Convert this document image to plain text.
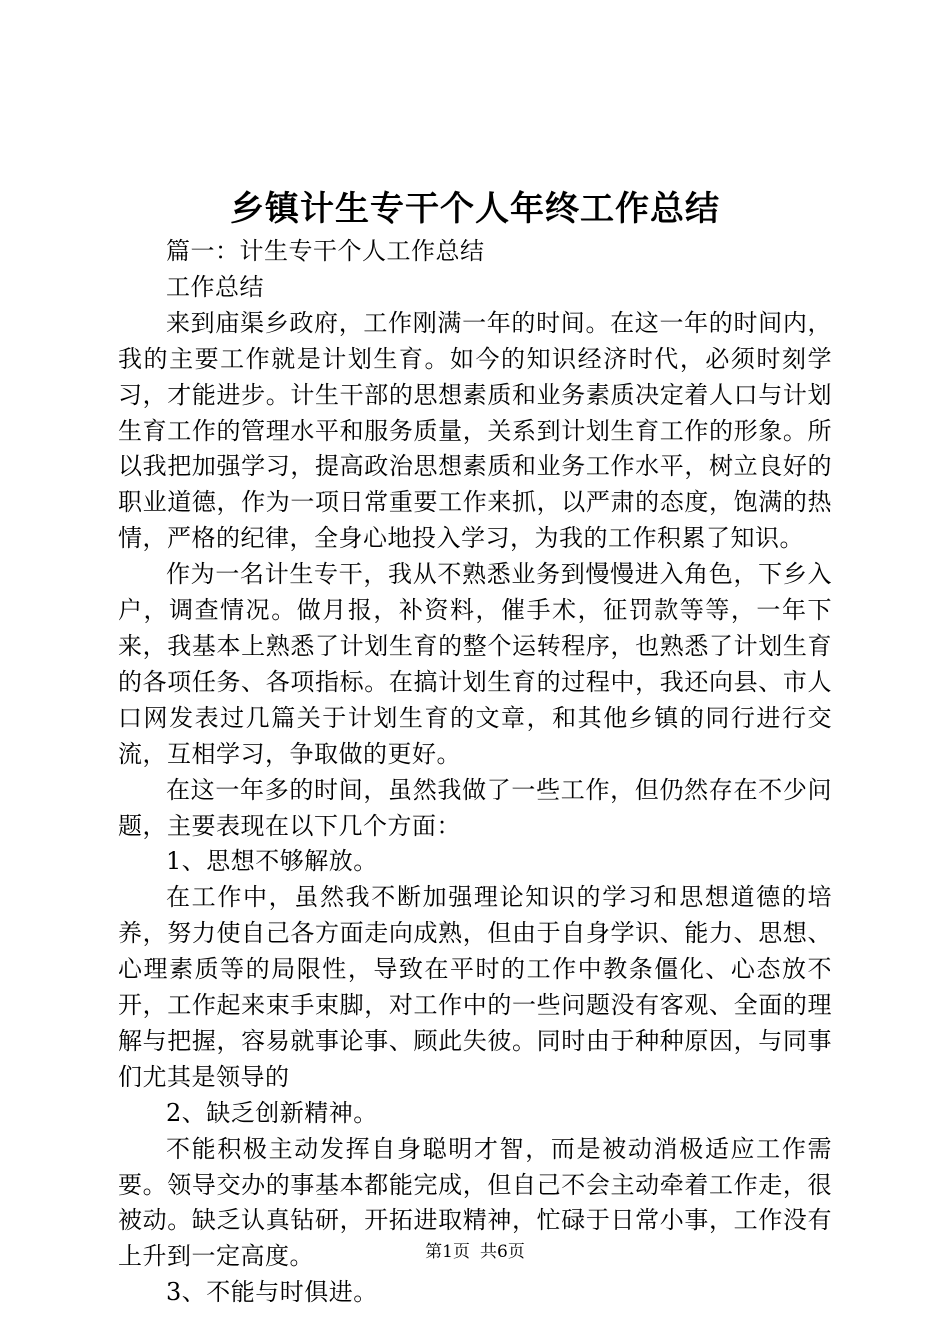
乡镇计生专干个人年终工作总结

篇一：计生专干个人工作总结

工作总结

来到庙渠乡政府，工作刚满一年的时间。在这一年的时间内，我的主要工作就是计划生育。如今的知识经济时代，必须时刻学习，才能进步。计生干部的思想素质和业务素质决定着人口与计划生育工作的管理水平和服务质量，关系到计划生育工作的形象。所以我把加强学习，提高政治思想素质和业务工作水平，树立良好的职业道德，作为一项日常重要工作来抓，以严肃的态度，饱满的热情，严格的纪律，全身心地投入学习，为我的工作积累了知识。

作为一名计生专干，我从不熟悉业务到慢慢进入角色，下乡入户，调查情况。做月报，补资料，催手术，征罚款等等，一年下来，我基本上熟悉了计划生育的整个运转程序，也熟悉了计划生育的各项任务、各项指标。在搞计划生育的过程中，我还向县、市人口网发表过几篇关于计划生育的文章，和其他乡镇的同行进行交流，互相学习，争取做的更好。

在这一年多的时间，虽然我做了一些工作，但仍然存在不少问题，主要表现在以下几个方面：

1、思想不够解放。

在工作中，虽然我不断加强理论知识的学习和思想道德的培养，努力使自己各方面走向成熟，但由于自身学识、能力、思想、心理素质等的局限性，导致在平时的工作中教条僵化、心态放不开，工作起来束手束脚，对工作中的一些问题没有客观、全面的理解与把握，容易就事论事、顾此失彼。同时由于种种原因，与同事们尤其是领导的

2、缺乏创新精神。

不能积极主动发挥自身聪明才智，而是被动消极适应工作需要。领导交办的事基本都能完成，但自己不会主动牵着工作走，很被动。缺乏认真钻研，开拓进取精神，忙碌于日常小事，工作没有上升到一定高度。

3、不能与时俱进。

第1页 共6页
